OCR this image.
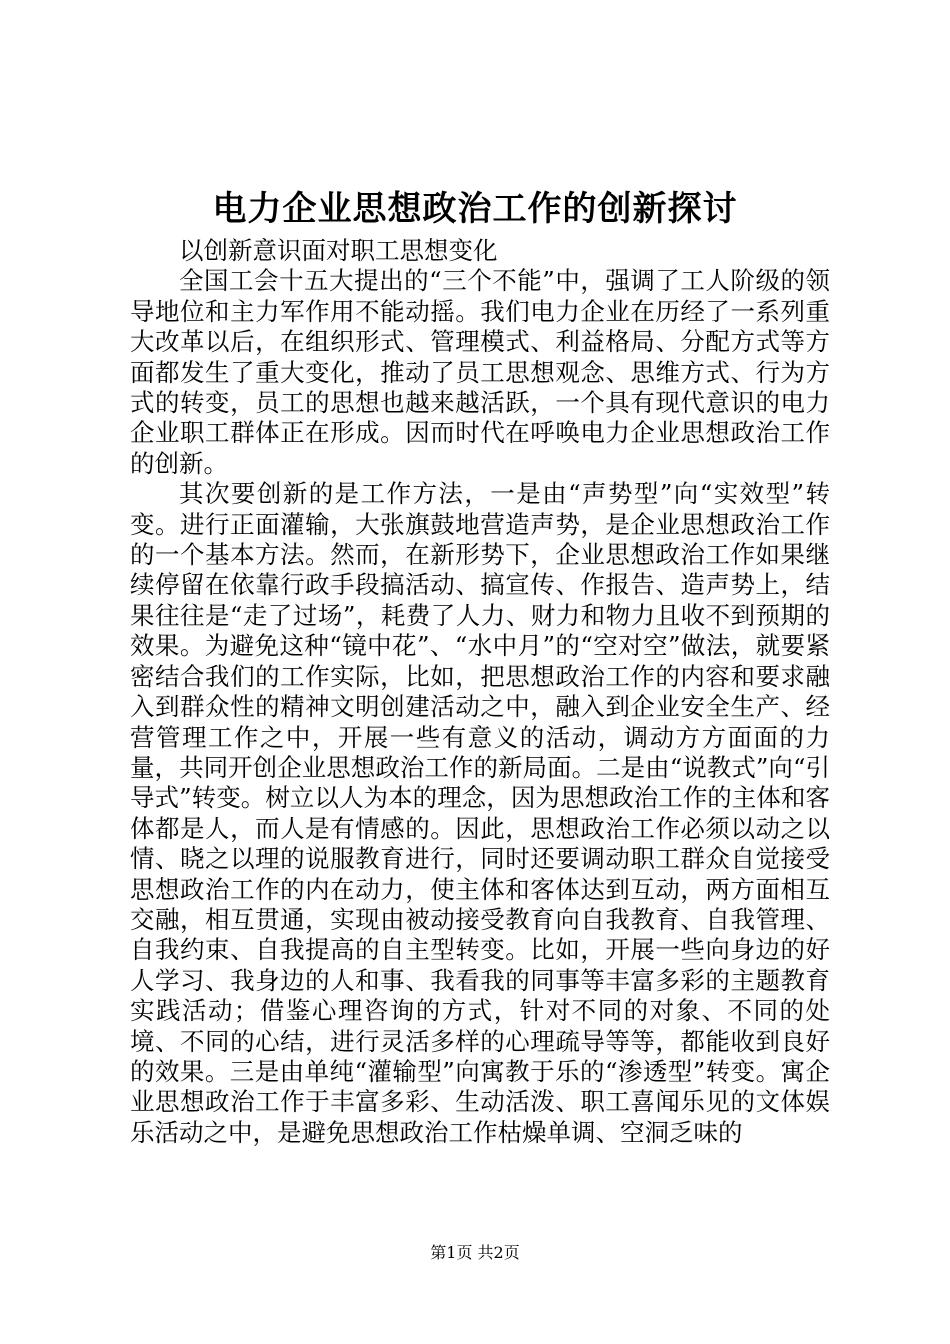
电力企业思想政治工作的创新探讨

以创新意识面对职工思想变化

全国工会十五大提出的“三个不能”中，强调了工人阶级的领导地位和主力军作用不能动摇。我们电力企业在历经了一系列重大改革以后，在组织形式、管理模式、利益格局、分配方式等方面都发生了重大变化，推动了员工思想观念、思维方式、行为方式的转变，员工的思想也越来越活跃，一个具有现代意识的电力企业职工群体正在形成。因而时代在呼唤电力企业思想政治工作的创新。

其次要创新的是工作方法，一是由“声势型”向“实效型”转变。进行正面灌输，大张旗鼓地营造声势，是企业思想政治工作的一个基本方法。然而，在新形势下，企业思想政治工作如果继续停留在依靠行政手段搞活动、搞宣传、作报告、造声势上，结果往往是“走了过场”，耗费了人力、财力和物力且收不到预期的效果。为避免这种“镜中花”、“水中月”的“空对空”做法，就要紧密结合我们的工作实际，比如，把思想政治工作的内容和要求融入到群众性的精神文明创建活动之中，融入到企业安全生产、经营管理工作之中，开展一些有意义的活动，调动方方面面的力量，共同开创企业思想政治工作的新局面。二是由“说教式”向“引导式”转变。树立以人为本的理念，因为思想政治工作的主体和客体都是人，而人是有情感的。因此，思想政治工作必须以动之以情、晓之以理的说服教育进行，同时还要调动职工群众自觉接受思想政治工作的内在动力，使主体和客体达到互动，两方面相互交融，相互贯通，实现由被动接受教育向自我教育、自我管理、自我约束、自我提高的自主型转变。比如，开展一些向身边的好人学习、我身边的人和事、我看我的同事等丰富多彩的主题教育实践活动；借鉴心理咨询的方式，针对不同的对象、不同的处境、不同的心结，进行灵活多样的心理疏导等等，都能收到良好的效果。三是由单纯“灌输型”向寓教于乐的“渗透型”转变。寓企业思想政治工作于丰富多彩、生动活泼、职工喜闻乐见的文体娱乐活动之中，是避免思想政治工作枯燥单调、空洞乏味的

第1页 共2页
